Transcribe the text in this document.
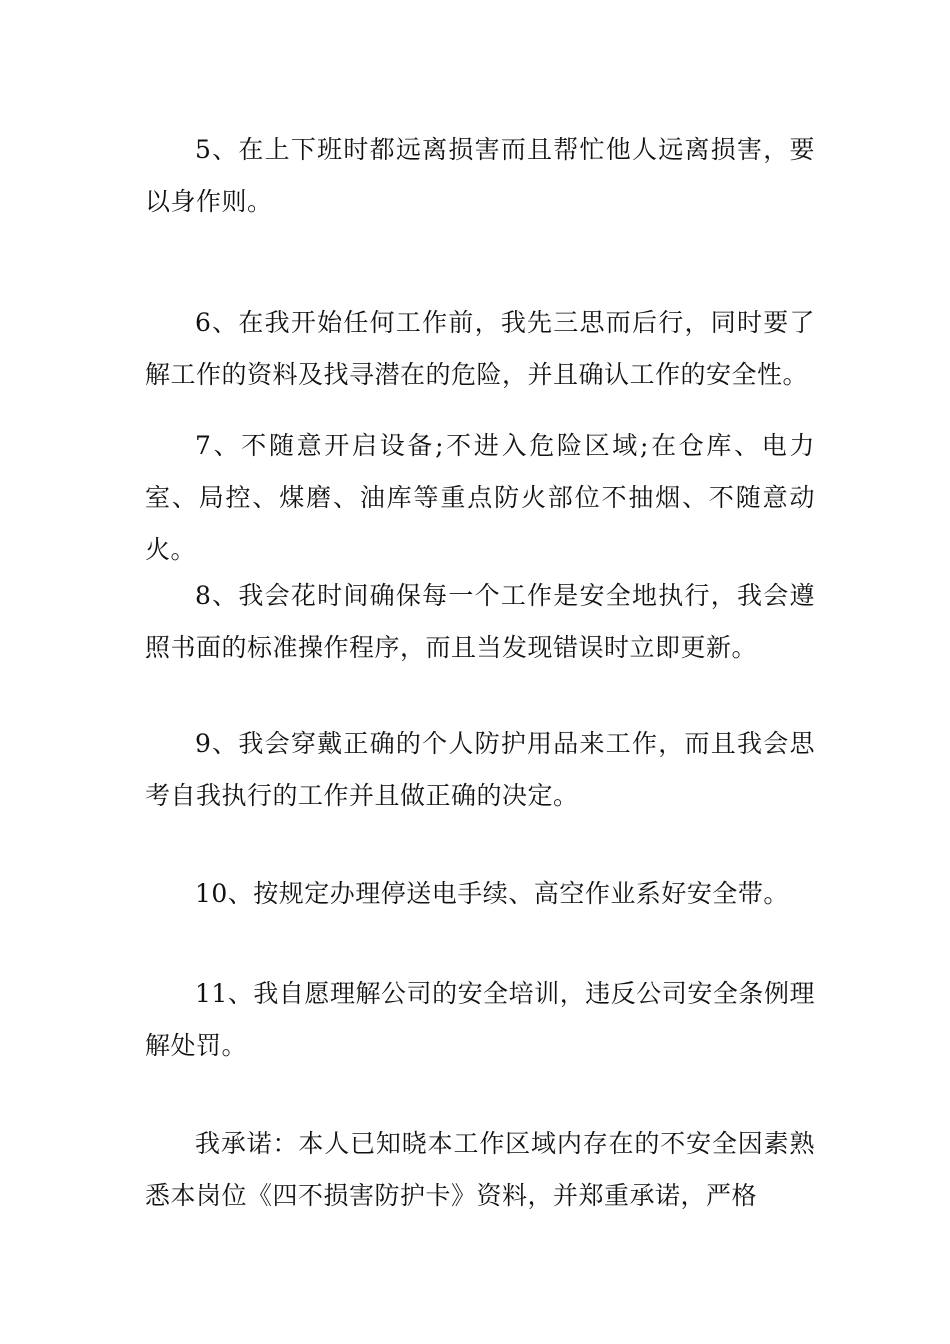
5、在上下班时都远离损害而且帮忙他人远离损害，要以身作则。

6、在我开始任何工作前，我先三思而后行，同时要了解工作的资料及找寻潜在的危险，并且确认工作的安全性。

7、不随意开启设备;不进入危险区域;在仓库、电力室、局控、煤磨、油库等重点防火部位不抽烟、不随意动火。

8、我会花时间确保每一个工作是安全地执行，我会遵照书面的标准操作程序，而且当发现错误时立即更新。

9、我会穿戴正确的个人防护用品来工作，而且我会思考自我执行的工作并且做正确的决定。

10、按规定办理停送电手续、高空作业系好安全带。

11、我自愿理解公司的安全培训，违反公司安全条例理解处罚。

我承诺：本人已知晓本工作区域内存在的不安全因素熟悉本岗位《四不损害防护卡》资料，并郑重承诺，严格
